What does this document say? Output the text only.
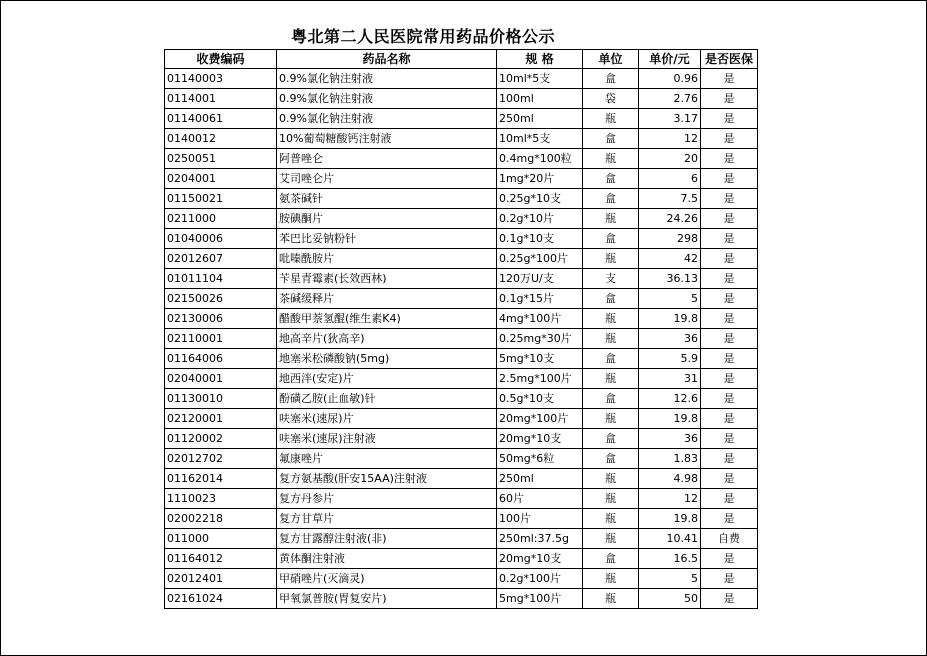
粤北第二人民医院常用药品价格公示
收费编码	药品名称	规 格	单位	单价/元	是否医保
01140003	0.9%氯化钠注射液	10ml*5支	盒	0.96	是
0114001	0.9%氯化钠注射液	100ml	袋	2.76	是
01140061	0.9%氯化钠注射液	250ml	瓶	3.17	是
0140012	10%葡萄糖酸钙注射液	10ml*5支	盒	12	是
0250051	阿普唑仑	0.4mg*100粒	瓶	20	是
0204001	艾司唑仑片	1mg*20片	盒	6	是
01150021	氨茶碱针	0.25g*10支	盒	7.5	是
0211000	胺碘酮片	0.2g*10片	瓶	24.26	是
01040006	苯巴比妥钠粉针	0.1g*10支	盒	298	是
02012607	吡嗪酰胺片	0.25g*100片	瓶	42	是
01011104	苄星青霉素(长效西林)	120万U/支	支	36.13	是
02150026	茶碱缓释片	0.1g*15片	盒	5	是
02130006	醋酸甲萘氢醌(维生素K4)	4mg*100片	瓶	19.8	是
02110001	地高辛片(狄高辛)	0.25mg*30片	瓶	36	是
01164006	地塞米松磷酸钠(5mg)	5mg*10支	盒	5.9	是
02040001	地西泮(安定)片	2.5mg*100片	瓶	31	是
01130010	酚磺乙胺(止血敏)针	0.5g*10支	盒	12.6	是
02120001	呋塞米(速尿)片	20mg*100片	瓶	19.8	是
01120002	呋塞米(速尿)注射液	20mg*10支	盒	36	是
02012702	氟康唑片	50mg*6粒	盒	1.83	是
01162014	复方氨基酸(肝安15AA)注射液	250ml	瓶	4.98	是
1110023	复方丹参片	60片	瓶	12	是
02002218	复方甘草片	100片	瓶	19.8	是
011000	复方甘露醇注射液(非)	250ml:37.5g	瓶	10.41	自费
01164012	黄体酮注射液	20mg*10支	盒	16.5	是
02012401	甲硝唑片(灭滴灵)	0.2g*100片	瓶	5	是
02161024	甲氧氯普胺(胃复安片)	5mg*100片	瓶	50	是
